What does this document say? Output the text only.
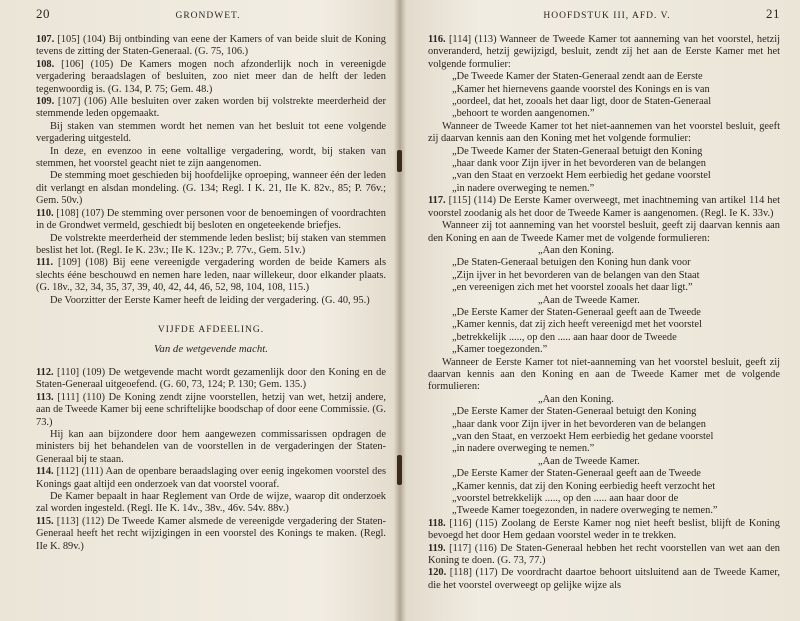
20	GRONDWET.

107. [105] (104) Bij ontbinding van eene der Kamers of van beide sluit de Koning tevens de zitting der Staten-Generaal. (G. 75, 106.)

108. [106] (105) De Kamers mogen noch afzonderlijk noch in vereenigde vergadering beraadslagen of besluiten, zoo niet meer dan de helft der leden tegenwoordig is. (G. 134, P. 75; Gem. 48.)

109. [107] (106) Alle besluiten over zaken worden bij volstrekte meerderheid der stemmende leden opgemaakt.

Bij staken van stemmen wordt het nemen van het besluit tot eene volgende vergadering uitgesteld.

In deze, en evenzoo in eene voltallige vergadering, wordt, bij staken van stemmen, het voorstel geacht niet te zijn aangenomen.

De stemming moet geschieden bij hoofdelijke oproeping, wanneer één der leden dit verlangt en alsdan mondeling. (G. 134; Regl. I K. 21, IIe K. 82v., 85; P. 76v.; Gem. 50v.)

110. [108] (107) De stemming over personen voor de benoemingen of voordrachten in de Grondwet vermeld, geschiedt bij besloten en ongeteekende briefjes.

De volstrekte meerderheid der stemmende leden beslist; bij staken van stemmen beslist het lot. (Regl. Ie K. 23v.; IIe K. 123v.; P. 77v., Gem. 51v.)

111. [109] (108) Bij eene vereenigde vergadering worden de beide Kamers als slechts ééne beschouwd en nemen hare leden, naar willekeur, door elkander plaats. (G. 18v., 32, 34, 35, 37, 39, 40, 42, 44, 46, 52, 98, 104, 108, 115.)

De Voorzitter der Eerste Kamer heeft de leiding der vergadering. (G. 40, 95.)

VIJFDE AFDEELING.
Van de wetgevende macht.

112. [110] (109) De wetgevende macht wordt gezamenlijk door den Koning en de Staten-Generaal uitgeoefend. (G. 60, 73, 124; P. 130; Gem. 135.)

113. [111] (110) De Koning zendt zijne voorstellen, hetzij van wet, hetzij andere, aan de Tweede Kamer bij eene schriftelijke boodschap of door eene Commissie. (G. 73.)

Hij kan aan bijzondere door hem aangewezen commissarissen opdragen de ministers bij het behandelen van de voorstellen in de vergaderingen der Staten-Generaal bij te staan.

114. [112] (111) Aan de openbare beraadslaging over eenig ingekomen voorstel des Konings gaat altijd een onderzoek van dat voorstel vooraf.

De Kamer bepaalt in haar Reglement van Orde de wijze, waarop dit onderzoek zal worden ingesteld. (Regl. IIe K. 14v., 38v., 46v. 54v. 88v.)

115. [113] (112) De Tweede Kamer alsmede de vereenigde vergadering der Staten-Generaal heeft het recht wijzigingen in een voorstel des Konings te maken. (Regl. IIe K. 89v.)

HOOFDSTUK III, AFD. V.	21

116. [114] (113) Wanneer de Tweede Kamer tot aanneming van het voorstel, hetzij onveranderd, hetzij gewijzigd, besluit, zendt zij het aan de Eerste Kamer met het volgende formulier:

„De Tweede Kamer der Staten-Generaal zendt aan de Eerste

„Kamer het hiernevens gaande voorstel des Konings en is van

„oordeel, dat het, zooals het daar ligt, door de Staten-Generaal

„behoort te worden aangenomen.”

Wanneer de Tweede Kamer tot het niet-aannemen van het voorstel besluit, geeft zij daarvan kennis aan den Koning met het volgende formulier:

„De Tweede Kamer der Staten-Generaal betuigt den Koning

„haar dank voor Zijn ijver in het bevorderen van de belangen

„van den Staat en verzoekt Hem eerbiedig het gedane voorstel

„in nadere overweging te nemen.”

117. [115] (114) De Eerste Kamer overweegt, met inachtneming van artikel 114 het voorstel zoodanig als het door de Tweede Kamer is aangenomen. (Regl. Ie K. 33v.)

Wanneer zij tot aanneming van het voorstel besluit, geeft zij daarvan kennis aan den Koning en aan de Tweede Kamer met de volgende formulieren:

„Aan den Koning.

„De Staten-Generaal betuigen den Koning hun dank voor

„Zijn ijver in het bevorderen van de belangen van den Staat

„en vereenigen zich met het voorstel zooals het daar ligt.”

„Aan de Tweede Kamer.

„De Eerste Kamer der Staten-Generaal geeft aan de Tweede

„Kamer kennis, dat zij zich heeft vereenigd met het voorstel

„betrekkelijk ....., op den ..... aan haar door de Tweede

„Kamer toegezonden.”

Wanneer de Eerste Kamer tot niet-aanneming van het voorstel besluit, geeft zij daarvan kennis aan den Koning en aan de Tweede Kamer met de volgende formulieren:

„Aan den Koning.

„De Eerste Kamer der Staten-Generaal betuigt den Koning

„haar dank voor Zijn ijver in het bevorderen van de belangen

„van den Staat, en verzoekt Hem eerbiedig het gedane voorstel

„in nadere overweging te nemen.”

„Aan de Tweede Kamer.

„De Eerste Kamer der Staten-Generaal geeft aan de Tweede

„Kamer kennis, dat zij den Koning eerbiedig heeft verzocht het

„voorstel betrekkelijk ....., op den ..... aan haar door de

„Tweede Kamer toegezonden, in nadere overweging te nemen.”

118. [116] (115) Zoolang de Eerste Kamer nog niet heeft beslist, blijft de Koning bevoegd het door Hem gedaan voorstel weder in te trekken.

119. [117] (116) De Staten-Generaal hebben het recht voorstellen van wet aan den Koning te doen. (G. 73, 77.)

120. [118] (117) De voordracht daartoe behoort uitsluitend aan de Tweede Kamer, die het voorstel overweegt op gelijke wijze als
